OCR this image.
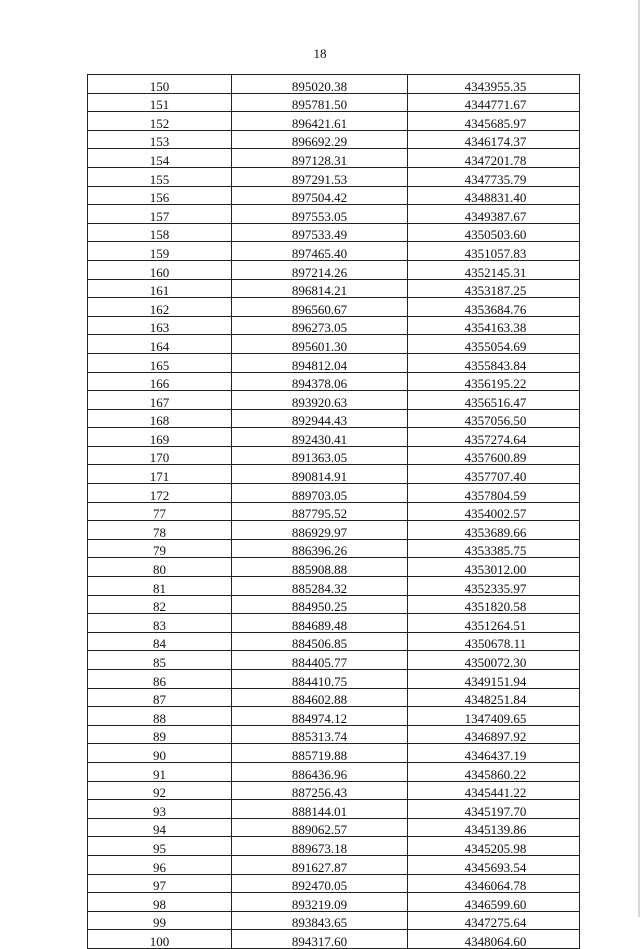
18
150	895020.38	4343955.35
151	895781.50	4344771.67
152	896421.61	4345685.97
153	896692.29	4346174.37
154	897128.31	4347201.78
155	897291.53	4347735.79
156	897504.42	4348831.40
157	897553.05	4349387.67
158	897533.49	4350503.60
159	897465.40	4351057.83
160	897214.26	4352145.31
161	896814.21	4353187.25
162	896560.67	4353684.76
163	896273.05	4354163.38
164	895601.30	4355054.69
165	894812.04	4355843.84
166	894378.06	4356195.22
167	893920.63	4356516.47
168	892944.43	4357056.50
169	892430.41	4357274.64
170	891363.05	4357600.89
171	890814.91	4357707.40
172	889703.05	4357804.59
77	887795.52	4354002.57
78	886929.97	4353689.66
79	886396.26	4353385.75
80	885908.88	4353012.00
81	885284.32	4352335.97
82	884950.25	4351820.58
83	884689.48	4351264.51
84	884506.85	4350678.11
85	884405.77	4350072.30
86	884410.75	4349151.94
87	884602.88	4348251.84
88	884974.12	1347409.65
89	885313.74	4346897.92
90	885719.88	4346437.19
91	886436.96	4345860.22
92	887256.43	4345441.22
93	888144.01	4345197.70
94	889062.57	4345139.86
95	889673.18	4345205.98
96	891627.87	4345693.54
97	892470.05	4346064.78
98	893219.09	4346599.60
99	893843.65	4347275.64
100	894317.60	4348064.60
